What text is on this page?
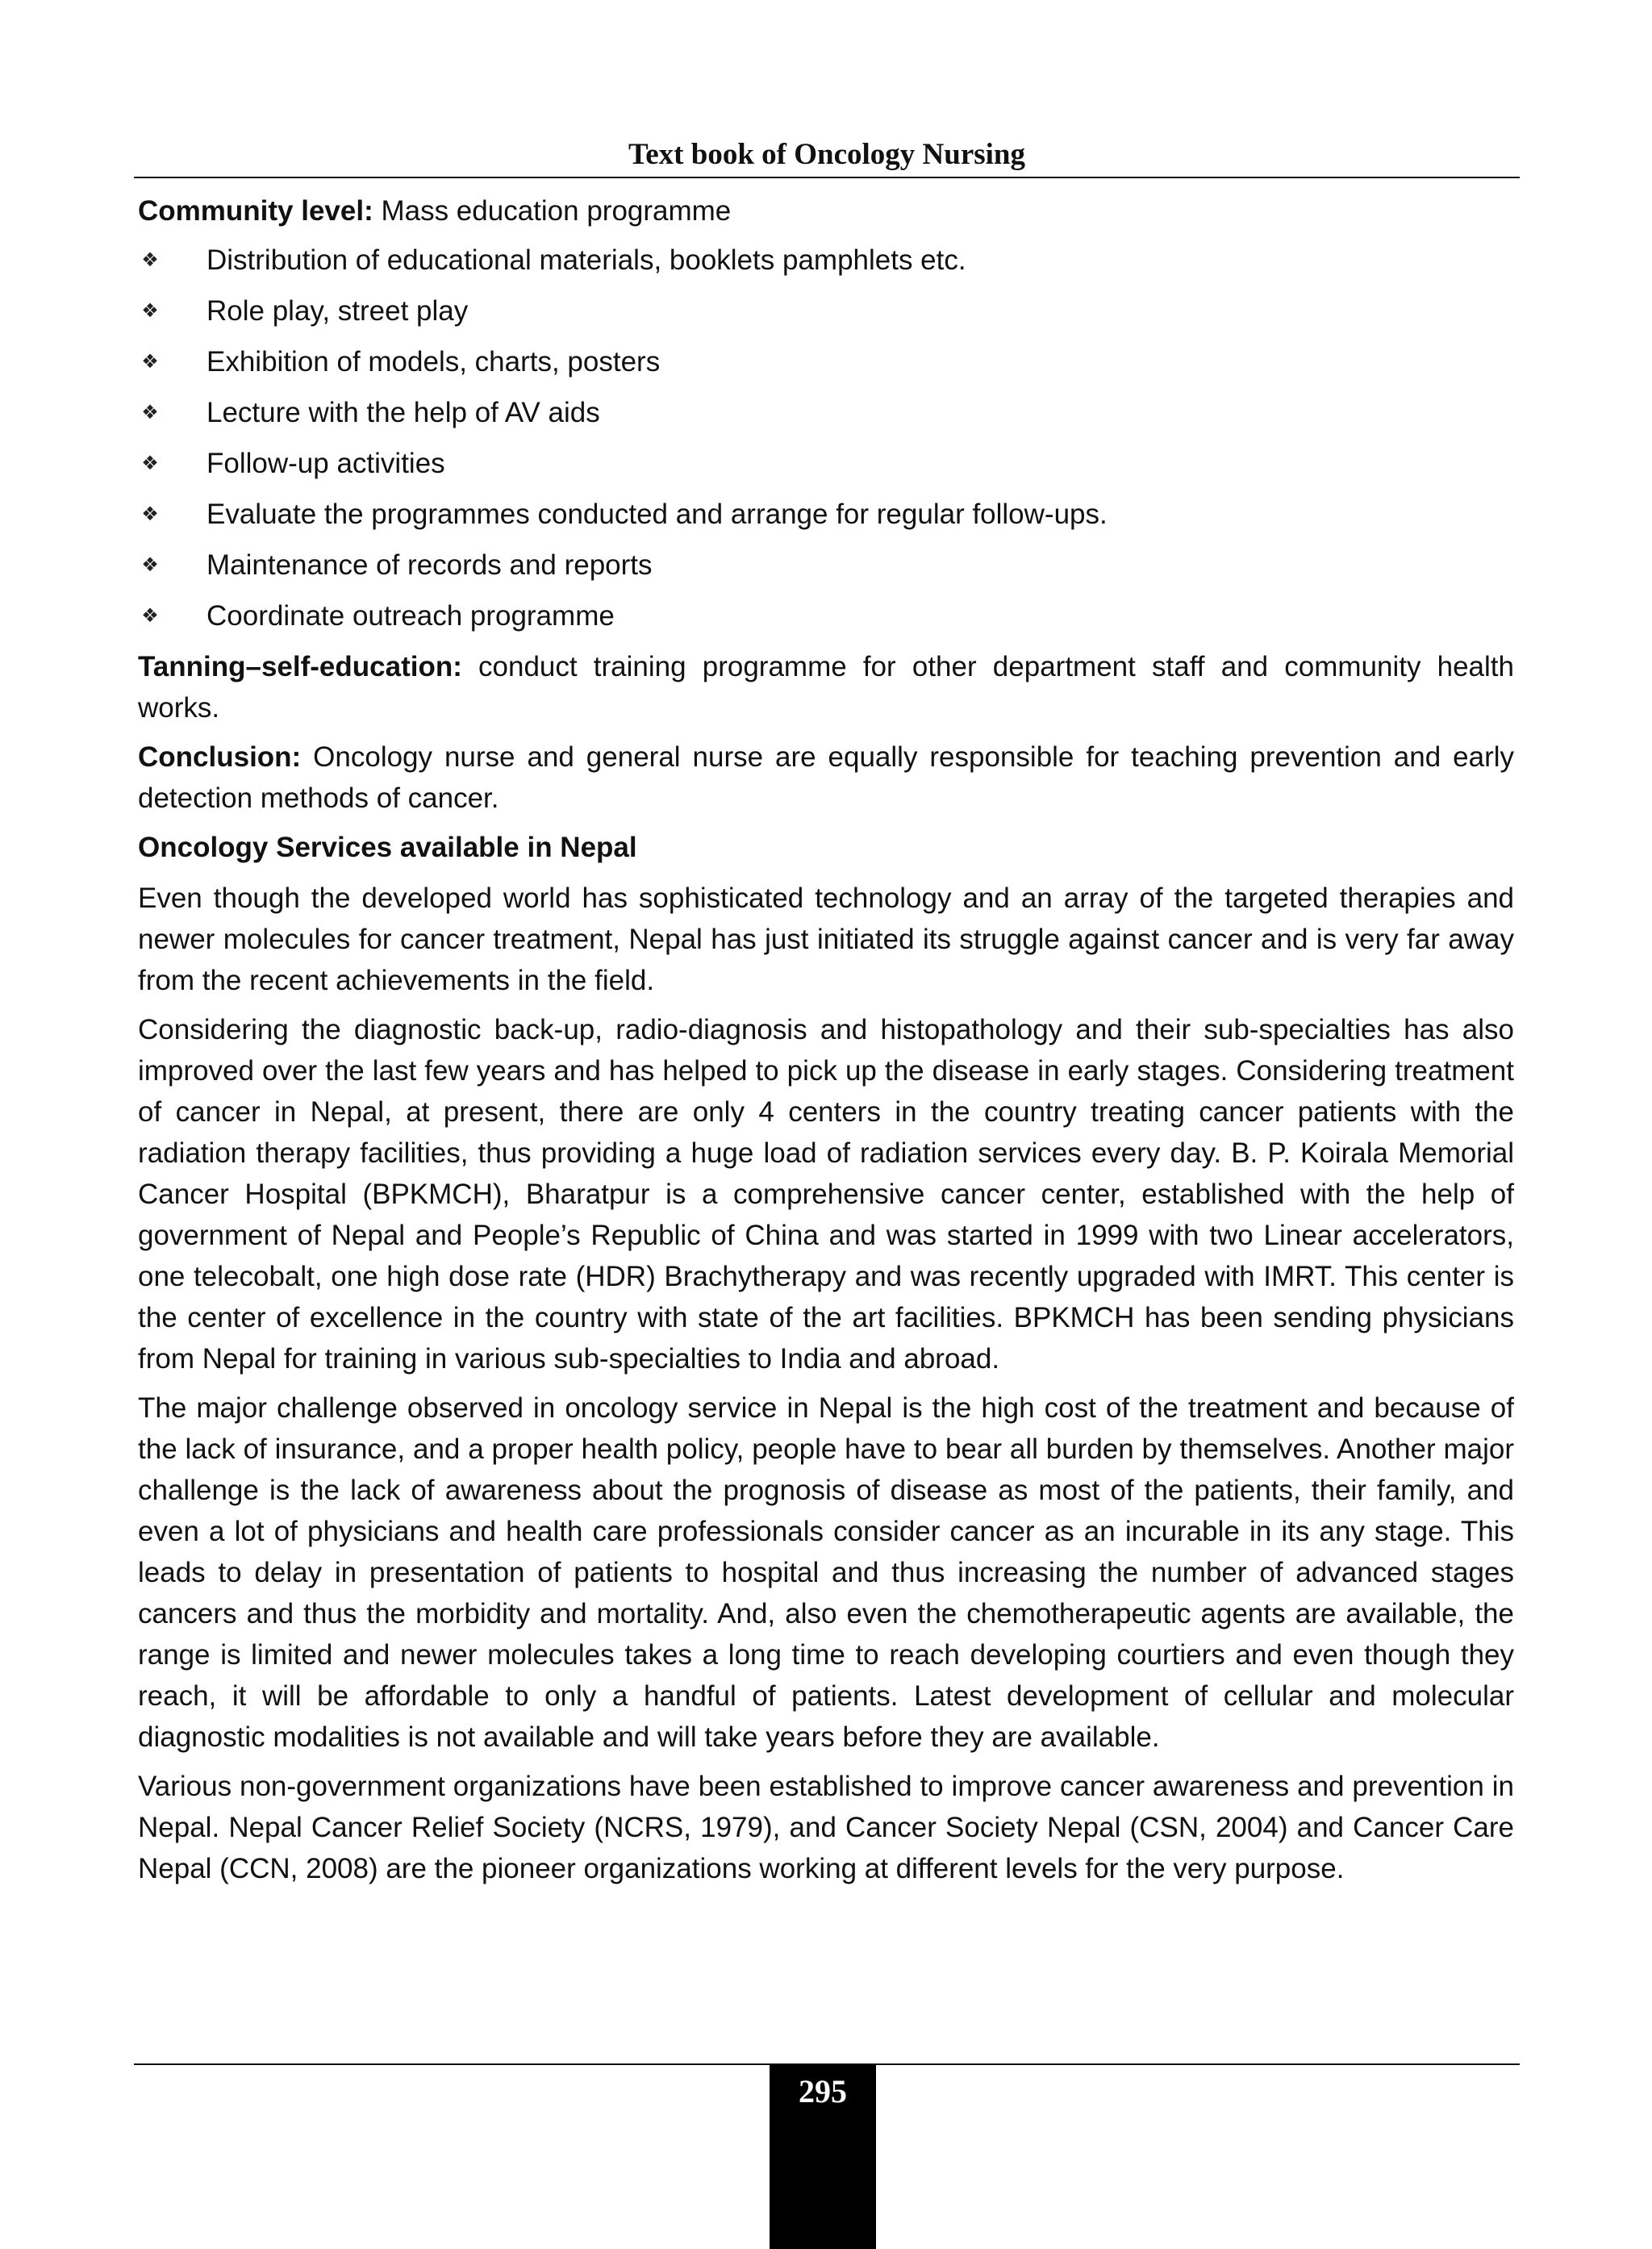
Text book of Oncology Nursing

Community level: Mass education programme

❖ Distribution of educational materials, booklets pamphlets etc.
❖ Role play, street play
❖ Exhibition of models, charts, posters
❖ Lecture with the help of AV aids
❖ Follow-up activities
❖ Evaluate the programmes conducted and arrange for regular follow-ups.
❖ Maintenance of records and reports
❖ Coordinate outreach programme

Tanning–self-education: conduct training programme for other department staff and community health works.

Conclusion: Oncology nurse and general nurse are equally responsible for teaching prevention and early detection methods of cancer.

Oncology Services available in Nepal

Even though the developed world has sophisticated technology and an array of the targeted therapies and newer molecules for cancer treatment, Nepal has just initiated its struggle against cancer and is very far away from the recent achievements in the field.

Considering the diagnostic back-up, radio-diagnosis and histopathology and their sub-specialties has also improved over the last few years and has helped to pick up the disease in early stages. Considering treatment of cancer in Nepal, at present, there are only 4 centers in the country treating cancer patients with the radiation therapy facilities, thus providing a huge load of radiation services every day. B. P. Koirala Memorial Cancer Hospital (BPKMCH), Bharatpur is a comprehensive cancer center, established with the help of government of Nepal and People’s Republic of China and was started in 1999 with two Linear accelerators, one telecobalt, one high dose rate (HDR) Brachytherapy and was recently upgraded with IMRT. This center is the center of excellence in the country with state of the art facilities. BPKMCH has been sending physicians from Nepal for training in various sub-specialties to India and abroad.

The major challenge observed in oncology service in Nepal is the high cost of the treatment and because of the lack of insurance, and a proper health policy, people have to bear all burden by themselves. Another major challenge is the lack of awareness about the prognosis of disease as most of the patients, their family, and even a lot of physicians and health care professionals consider cancer as an incurable in its any stage. This leads to delay in presentation of patients to hospital and thus increasing the number of advanced stages cancers and thus the morbidity and mortality. And, also even the chemotherapeutic agents are available, the range is limited and newer molecules takes a long time to reach developing courtiers and even though they reach, it will be affordable to only a handful of patients. Latest development of cellular and molecular diagnostic modalities is not available and will take years before they are available.

Various non-government organizations have been established to improve cancer awareness and prevention in Nepal. Nepal Cancer Relief Society (NCRS, 1979), and Cancer Society Nepal (CSN, 2004) and Cancer Care Nepal (CCN, 2008) are the pioneer organizations working at different levels for the very purpose.

295
